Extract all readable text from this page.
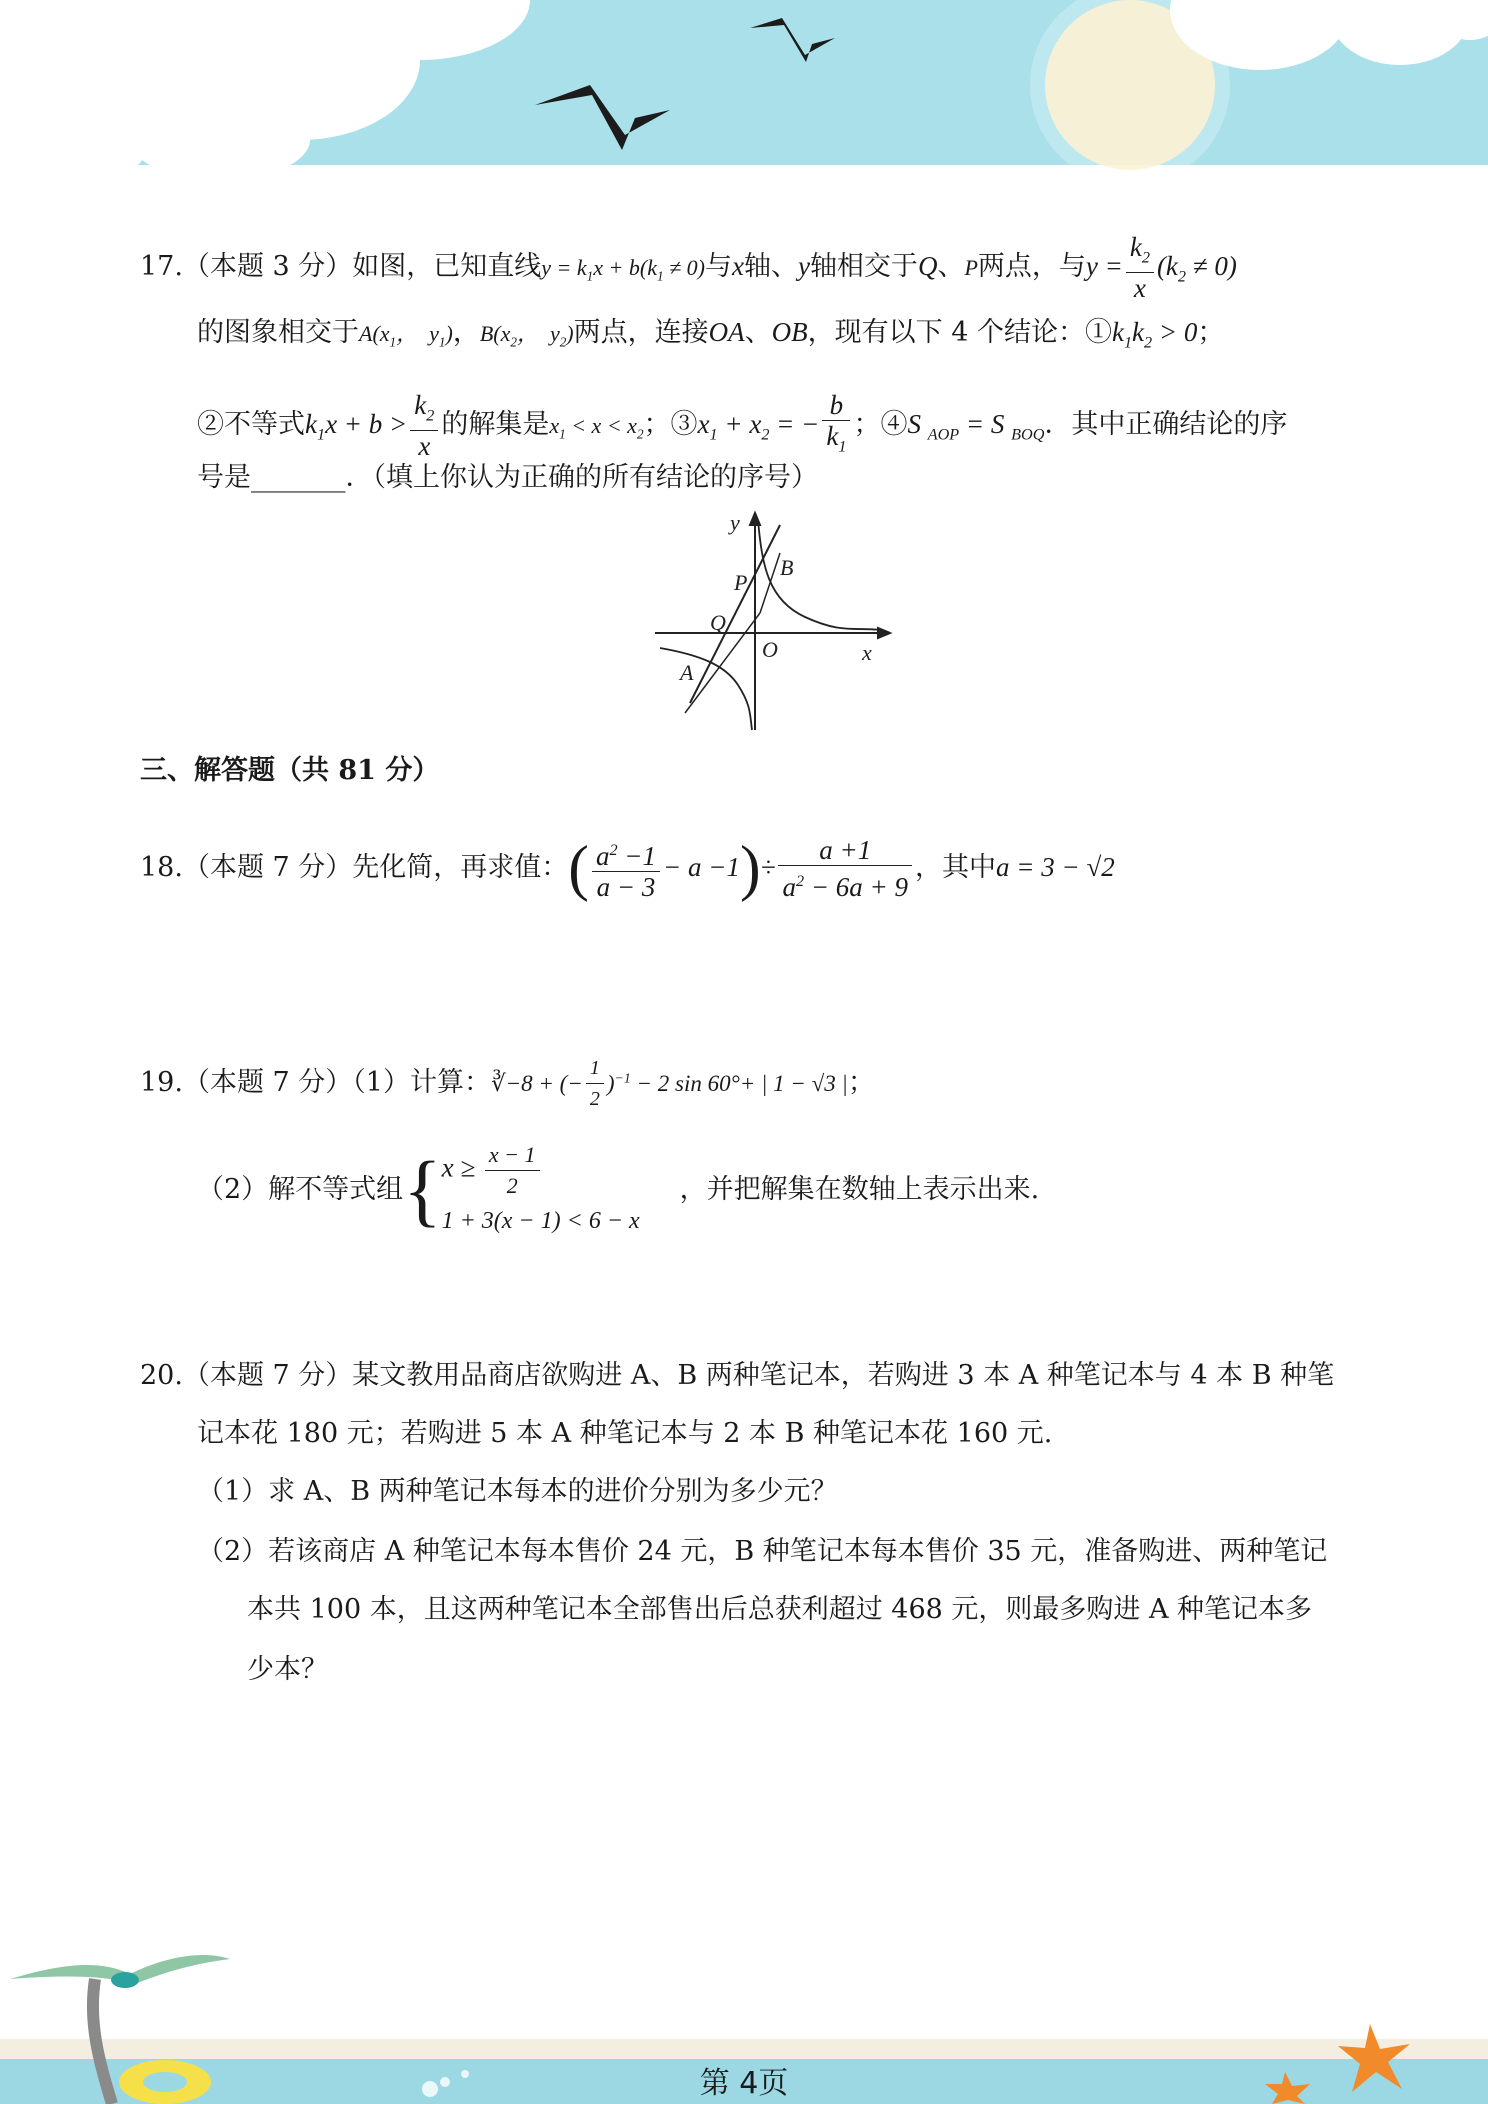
17.（本题 3 分）如图，已知直线$y = k_1x + b(k_1 \ne 0)$与x轴、y轴相交于Q、P两点，与$y = \frac{k_2}{x} (k_2 \ne 0)$
的图象相交于$A(x_1$，  $y_1$)，$B(x_2$，  $y_2$)两点，连接OA、OB，现有以下 4 个结论：$①k_1k_2 > 0$；
②不等式$k_1x + b > \frac{k_2}{x}$ 的解集是$x_1 < x < x_2$；$③x_1 + x_2$ = − $\frac{b}{k_1}$ ；④S $_{AOP}$ = S $_{BOQ}$．其中正确结论的序
号是_______．（填上你认为正确的所有结论的序号）
y
x
O
P
Q
A
B
三、解答题（共 81 分）
18.（本题 7 分）先化简，再求值：( $\frac{a^2 -1}{a - 3} - a -1)\div \frac{a +1}{a^2 - 6a + 9}$ ，其中a = 3 − √2
19.（本题 7 分）（1）计算：∛−8 + (− $\frac{1}{2} )^{-1} - 2$ sin 60°+ | 1 − √3 |；
（2）解不等式组{ $x \ge \frac{x - 1}{2}$
1 + 3(x − 1) < 6 − x
，并把解集在数轴上表示出来.
20.（本题 7 分）某文教用品商店欲购进 A、B 两种笔记本，若购进 3 本 A 种笔记本与 4 本 B 种笔
记本花 180 元；若购进 5 本 A 种笔记本与 2 本 B 种笔记本花 160 元.
（1）求 A、B 两种笔记本每本的进价分别为多少元？
（2）若该商店 A 种笔记本每本售价 24 元，B 种笔记本每本售价 35 元，准备购进、两种笔记
本共 100 本，且这两种笔记本全部售出后总获利超过 468 元，则最多购进 A 种笔记本多
少本？
第 4页
